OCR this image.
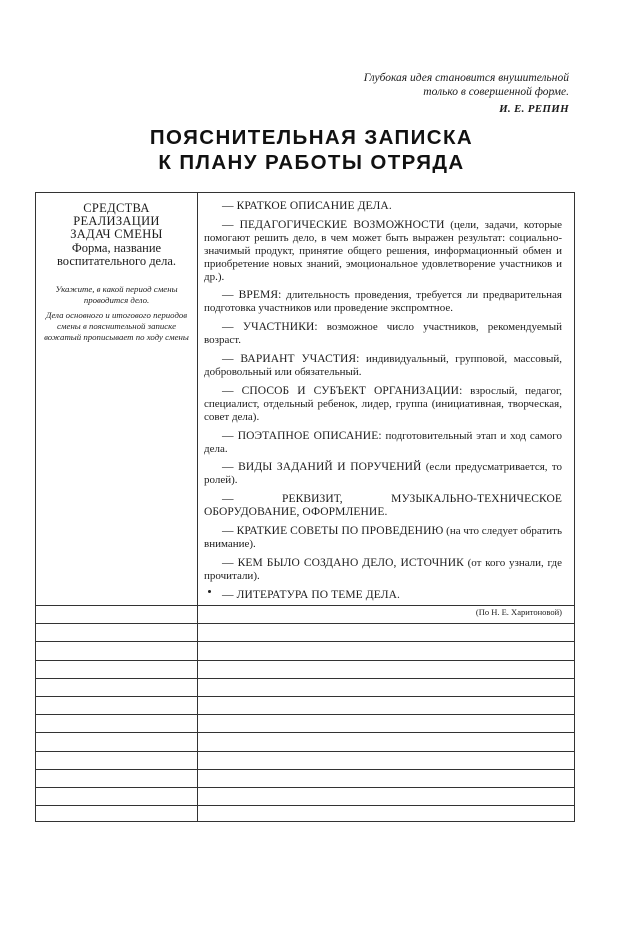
Глубокая идея становится внушительной
только в совершенной форме.
И. Е. РЕПИН
ПОЯСНИТЕЛЬНАЯ ЗАПИСКА
К ПЛАНУ РАБОТЫ ОТРЯДА
СРЕДСТВА
РЕАЛИЗАЦИИ
ЗАДАЧ СМЕНЫ
Форма, название
воспитательного дела.

Укажите, в какой период смены проводится дело.

Дела основного и итогового периодов смены в пояснительной записке вожатый прописывает по ходу смены

— КРАТКОЕ ОПИСАНИЕ ДЕЛА.
— ПЕДАГОГИЧЕСКИЕ ВОЗМОЖНОСТИ (цели, задачи, которые помогают решить дело, в чем может быть выражен результат: социально-значимый продукт, принятие общего решения, информационный обмен и приобретение новых знаний, эмоциональное удовлетворение участников и др.).
— ВРЕМЯ: длительность проведения, требуется ли предварительная подготовка участников или проведение экспромтное.
— УЧАСТНИКИ: возможное число участников, рекомендуемый возраст.
— ВАРИАНТ УЧАСТИЯ: индивидуальный, групповой, массовый, добровольный или обязательный.
— СПОСОБ И СУБЪЕКТ ОРГАНИЗАЦИИ: взрослый, педагог, специалист, отдельный ребенок, лидер, группа (инициативная, творческая, совет дела).
— ПОЭТАПНОЕ ОПИСАНИЕ: подготовительный этап и ход самого дела.
— ВИДЫ ЗАДАНИЙ И ПОРУЧЕНИЙ (если предусматривается, то ролей).
— РЕКВИЗИТ, МУЗЫКАЛЬНО-ТЕХНИЧЕСКОЕ ОБОРУДОВАНИЕ, ОФОРМЛЕНИЕ.
— КРАТКИЕ СОВЕТЫ ПО ПРОВЕДЕНИЮ (на что следует обратить внимание).
— КЕМ БЫЛО СОЗДАНО ДЕЛО, ИСТОЧНИК (от кого узнали, где прочитали).
— ЛИТЕРАТУРА ПО ТЕМЕ ДЕЛА.
(По Н. Е. Харитоновой)
